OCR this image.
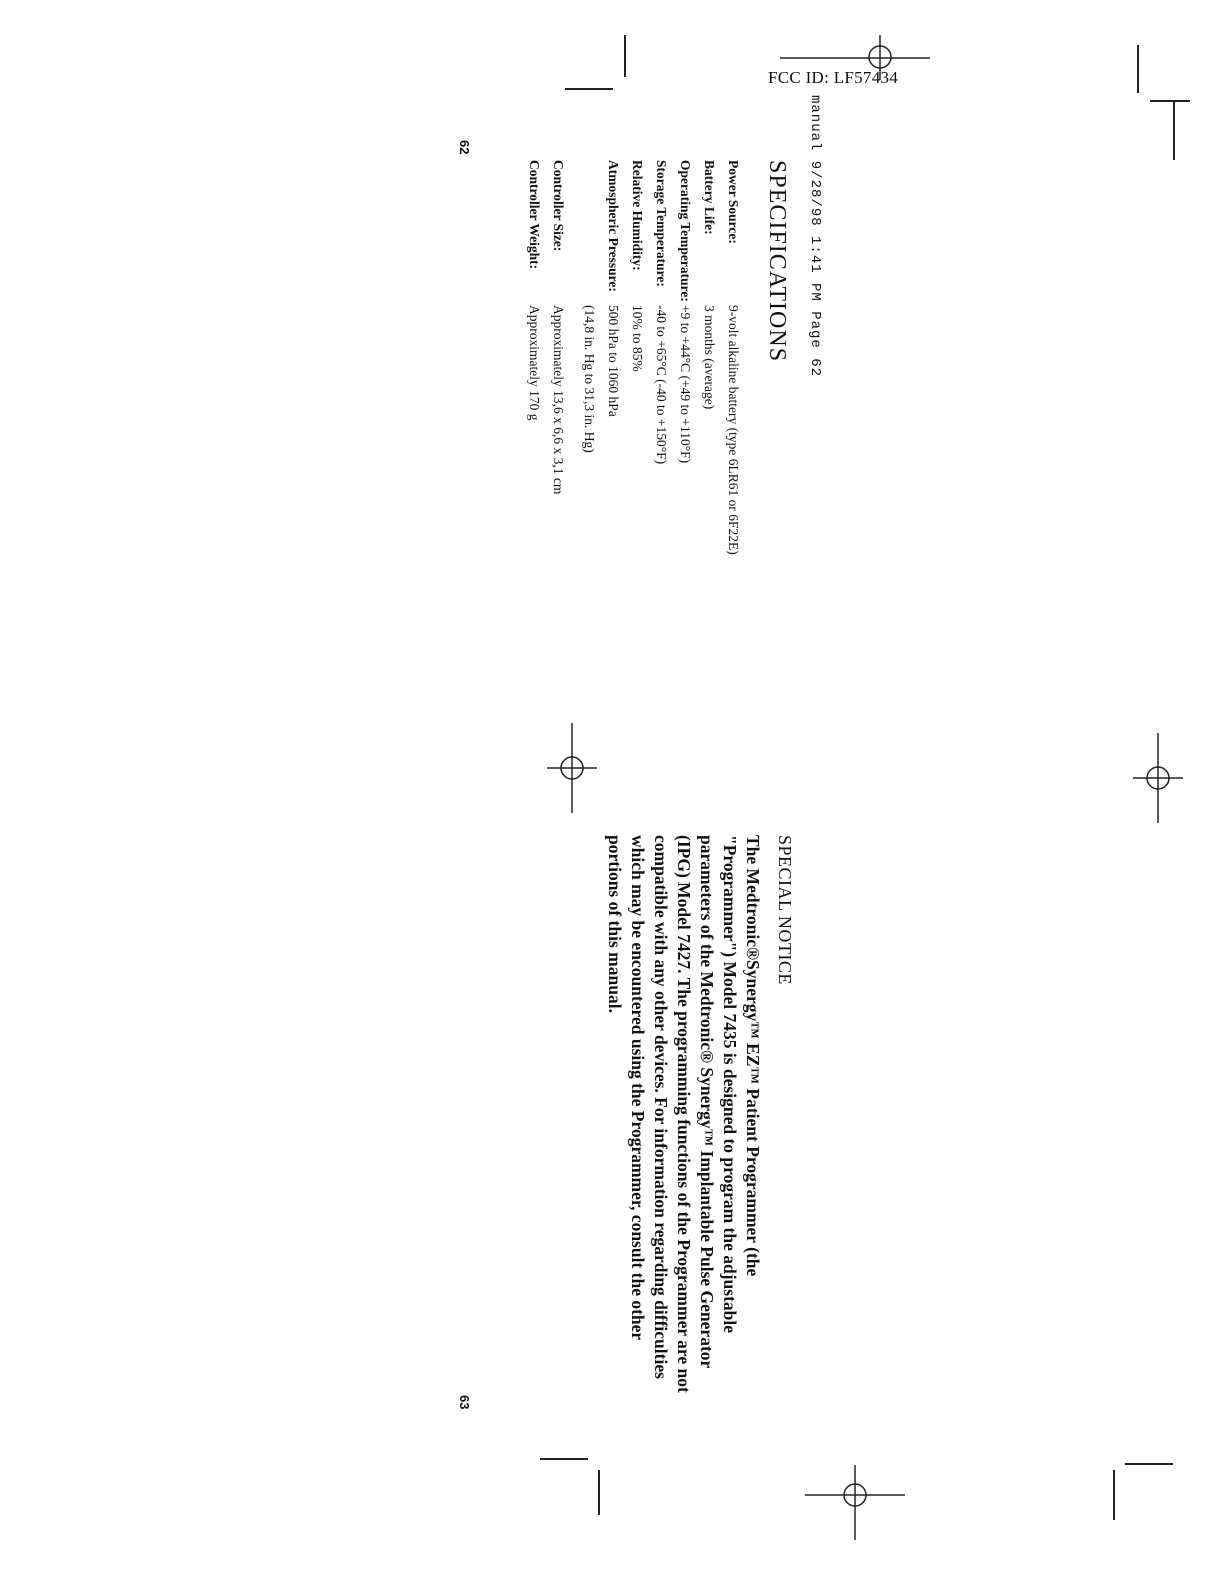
FCC ID: LF57434
manual 9/28/98 1:41 PM Page 62
SPECIFICATIONS
Power Source:
9-volt alkaline battery (type 6LR61 or 6F22E)
Battery Life:
3 months (average)
Operating Temperature:
+9 to +44°C (+49 to +110°F)
Storage Temperature:
-40 to +65°C (-40 to +150°F)
Relative Humidity:
10% to 85%
Atmospheric Pressure:
500 hPa to 1060 hPa
(14,8 in. Hg to 31,3 in. Hg)
Controller Size:
Approximately 13,6 x 6,6 x 3,1 cm
Controller Weight:
Approximately 170 g
SPECIAL NOTICE
The Medtronic®Synergy™ EZ™ Patient Programmer (the "Programmer") Model 7435 is designed to program the adjustable parameters of the Medtronic® Synergy™ Implantable Pulse Generator (IPG) Model 7427. The programming functions of the Programmer are not compatible with any other devices. For information regarding difficulties which may be encountered using the Programmer, consult the other portions of this manual.
62
63
